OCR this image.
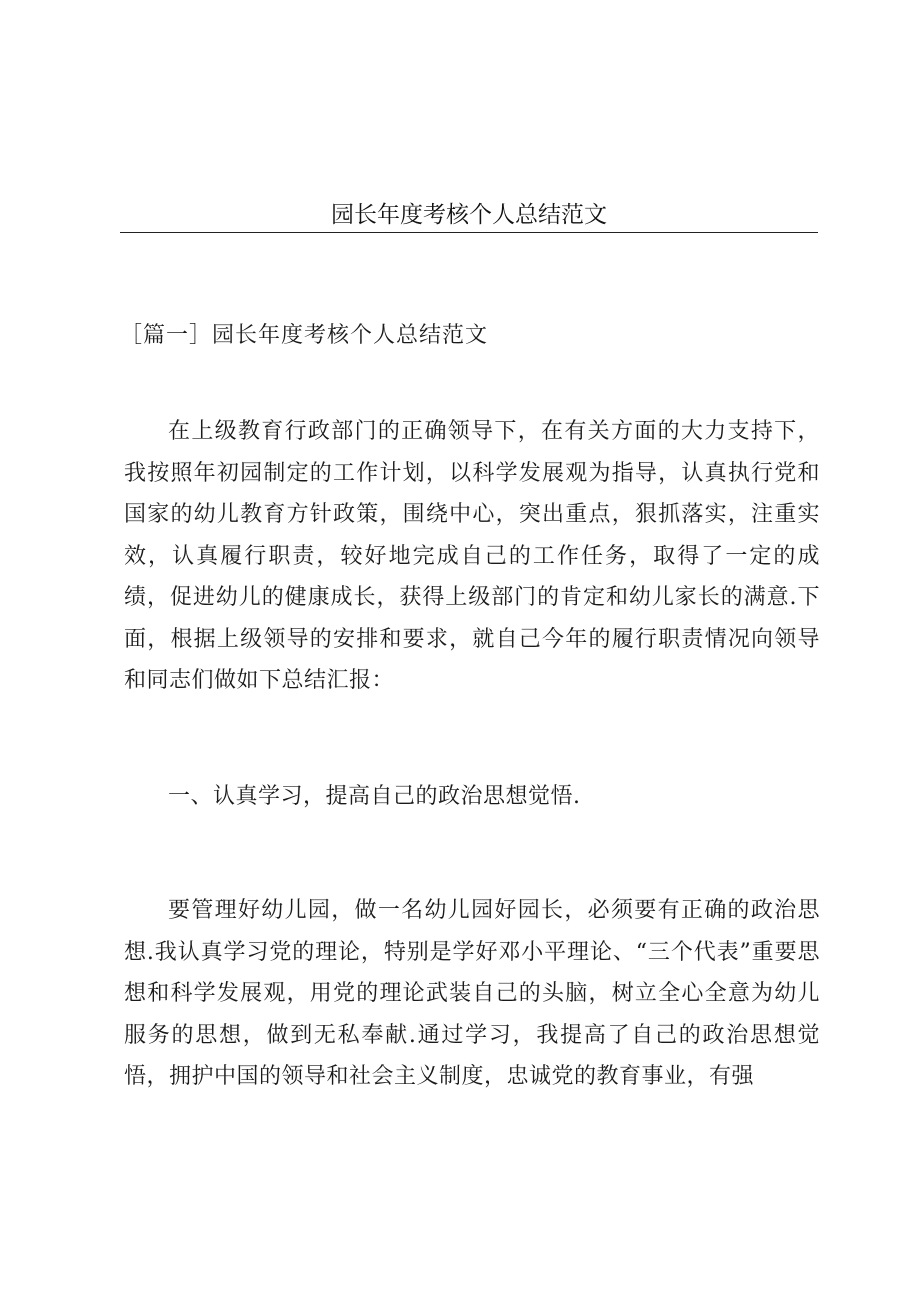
园长年度考核个人总结范文

［篇一］园长年度考核个人总结范文

在上级教育行政部门的正确领导下，在有关方面的大力支持下，我按照年初园制定的工作计划，以科学发展观为指导，认真执行党和国家的幼儿教育方针政策，围绕中心，突出重点，狠抓落实，注重实效，认真履行职责，较好地完成自己的工作任务，取得了一定的成绩，促进幼儿的健康成长，获得上级部门的肯定和幼儿家长的满意.下面，根据上级领导的安排和要求，就自己今年的履行职责情况向领导和同志们做如下总结汇报：

一、认真学习，提高自己的政治思想觉悟.

要管理好幼儿园，做一名幼儿园好园长，必须要有正确的政治思想.我认真学习党的理论，特别是学好邓小平理论、“三个代表”重要思想和科学发展观，用党的理论武装自己的头脑，树立全心全意为幼儿服务的思想，做到无私奉献.通过学习，我提高了自己的政治思想觉悟，拥护中国的领导和社会主义制度，忠诚党的教育事业，有强
